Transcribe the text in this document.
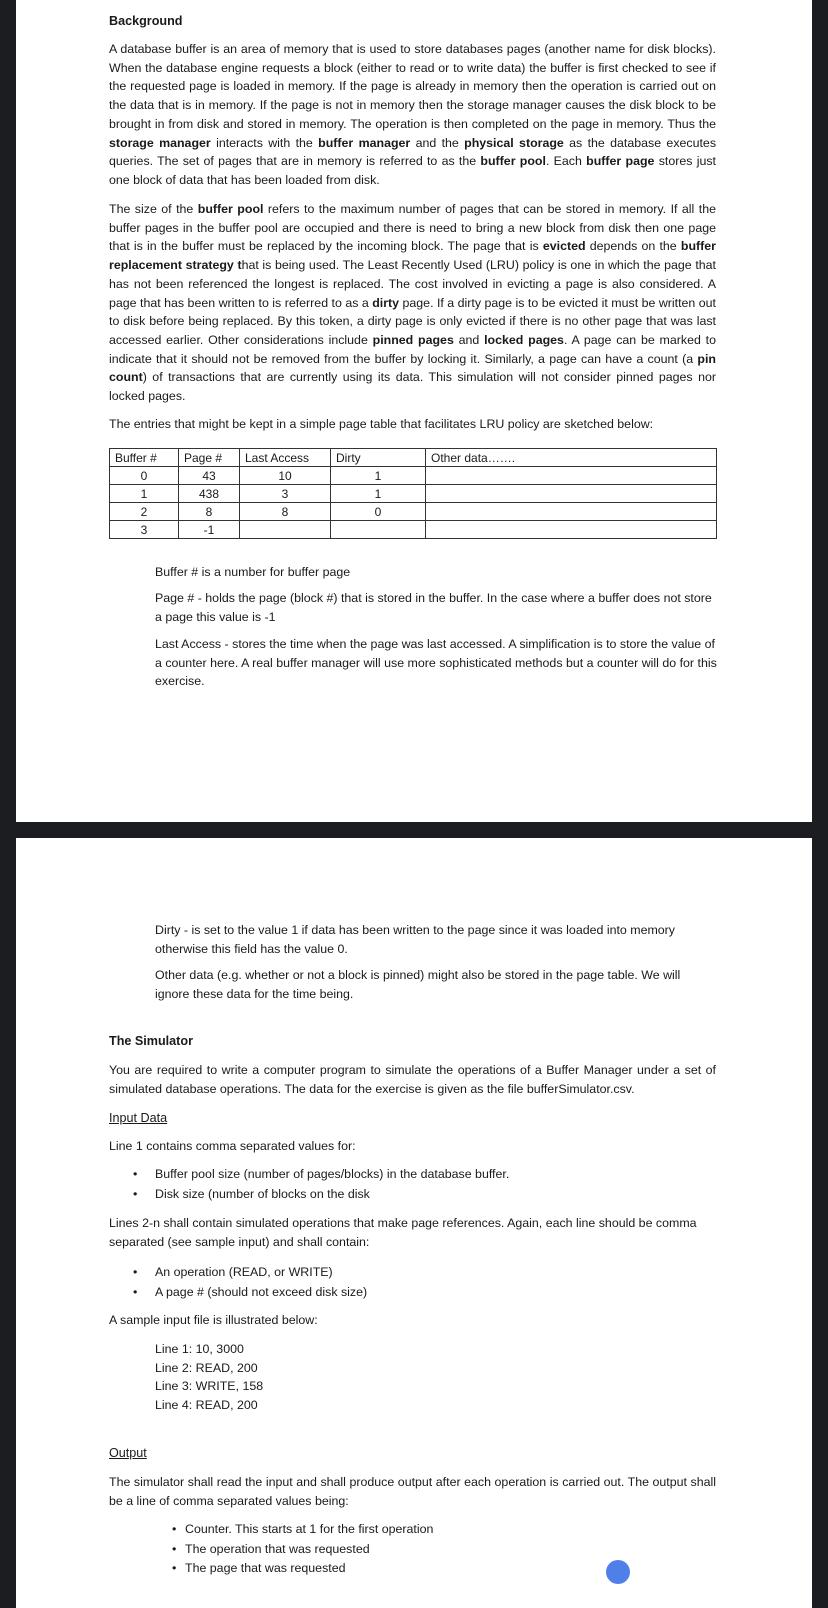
Background

A database buffer is an area of memory that is used to store databases pages (another name for disk blocks). When the database engine requests a block (either to read or to write data) the buffer is first checked to see if the requested page is loaded in memory. If the page is already in memory then the operation is carried out on the data that is in memory. If the page is not in memory then the storage manager causes the disk block to be brought in from disk and stored in memory. The operation is then completed on the page in memory. Thus the storage manager interacts with the buffer manager and the physical storage as the database executes queries. The set of pages that are in memory is referred to as the buffer pool. Each buffer page stores just one block of data that has been loaded from disk.

The size of the buffer pool refers to the maximum number of pages that can be stored in memory. If all the buffer pages in the buffer pool are occupied and there is need to bring a new block from disk then one page that is in the buffer must be replaced by the incoming block. The page that is evicted depends on the buffer replacement strategy that is being used. The Least Recently Used (LRU) policy is one in which the page that has not been referenced the longest is replaced. The cost involved in evicting a page is also considered. A page that has been written to is referred to as a dirty page. If a dirty page is to be evicted it must be written out to disk before being replaced. By this token, a dirty page is only evicted if there is no other page that was last accessed earlier. Other considerations include pinned pages and locked pages. A page can be marked to indicate that it should not be removed from the buffer by locking it. Similarly, a page can have a count (a pin count) of transactions that are currently using its data. This simulation will not consider pinned pages nor locked pages.

The entries that might be kept in a simple page table that facilitates LRU policy are sketched below:

Buffer #	Page #	Last Access	Dirty	Other data…….
0	43	10	1	
1	438	3	1	
2	8	8	0	
3	-1			

Buffer # is a number for buffer page

Page # - holds the page (block #) that is stored in the buffer. In the case where a buffer does not store a page this value is -1

Last Access - stores the time when the page was last accessed. A simplification is to store the value of a counter here. A real buffer manager will use more sophisticated methods but a counter will do for this exercise.

Dirty - is set to the value 1 if data has been written to the page since it was loaded into memory otherwise this field has the value 0.

Other data (e.g. whether or not a block is pinned) might also be stored in the page table. We will ignore these data for the time being.

The Simulator

You are required to write a computer program to simulate the operations of a Buffer Manager under a set of simulated database operations. The data for the exercise is given as the file bufferSimulator.csv.

Input Data

Line 1 contains comma separated values for:

• Buffer pool size (number of pages/blocks) in the database buffer.
• Disk size (number of blocks on the disk

Lines 2-n shall contain simulated operations that make page references. Again, each line should be comma separated (see sample input) and shall contain:

• An operation (READ, or WRITE)
• A page # (should not exceed disk size)

A sample input file is illustrated below:

Line 1: 10, 3000

Line 2: READ, 200

Line 3: WRITE, 158

Line 4: READ, 200

Output

The simulator shall read the input and shall produce output after each operation is carried out. The output shall be a line of comma separated values being:

• Counter. This starts at 1 for the first operation
• The operation that was requested
• The page that was requested
